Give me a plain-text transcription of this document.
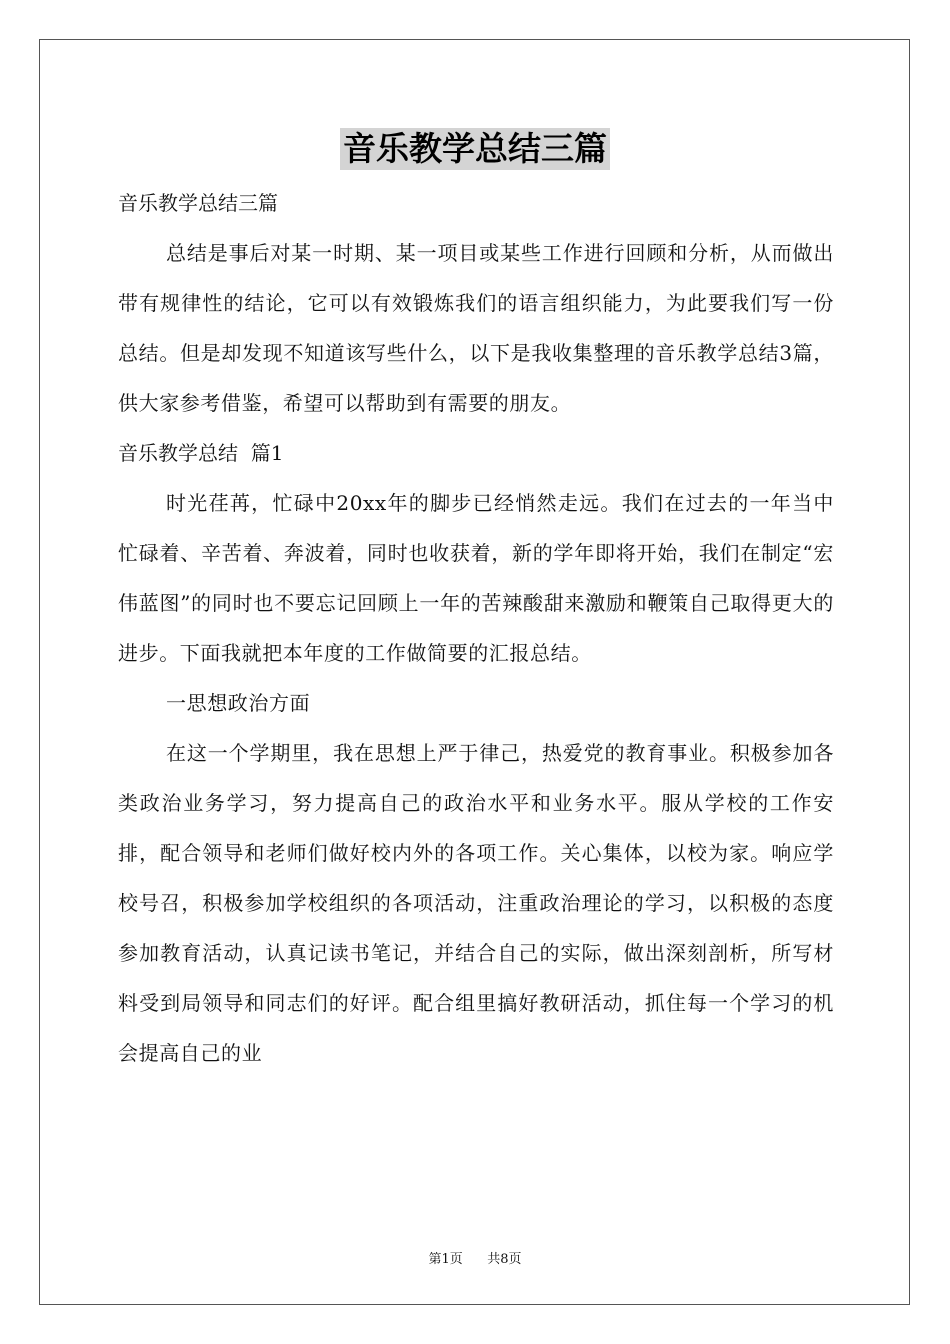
音乐教学总结三篇

音乐教学总结三篇

总结是事后对某一时期、某一项目或某些工作进行回顾和分析，从而做出带有规律性的结论，它可以有效锻炼我们的语言组织能力，为此要我们写一份总结。但是却发现不知道该写些什么，以下是我收集整理的音乐教学总结3篇，供大家参考借鉴，希望可以帮助到有需要的朋友。

音乐教学总结  篇1

时光荏苒，忙碌中20xx年的脚步已经悄然走远。我们在过去的一年当中忙碌着、辛苦着、奔波着，同时也收获着，新的学年即将开始，我们在制定“宏伟蓝图”的同时也不要忘记回顾上一年的苦辣酸甜来激励和鞭策自己取得更大的进步。下面我就把本年度的工作做简要的汇报总结。

一思想政治方面

在这一个学期里，我在思想上严于律己，热爱党的教育事业。积极参加各类政治业务学习，努力提高自己的政治水平和业务水平。服从学校的工作安排，配合领导和老师们做好校内外的各项工作。关心集体，以校为家。响应学校号召，积极参加学校组织的各项活动，注重政治理论的学习，以积极的态度参加教育活动，认真记读书笔记，并结合自己的实际，做出深刻剖析，所写材料受到局领导和同志们的好评。配合组里搞好教研活动，抓住每一个学习的机会提高自己的业

第1页 共8页
